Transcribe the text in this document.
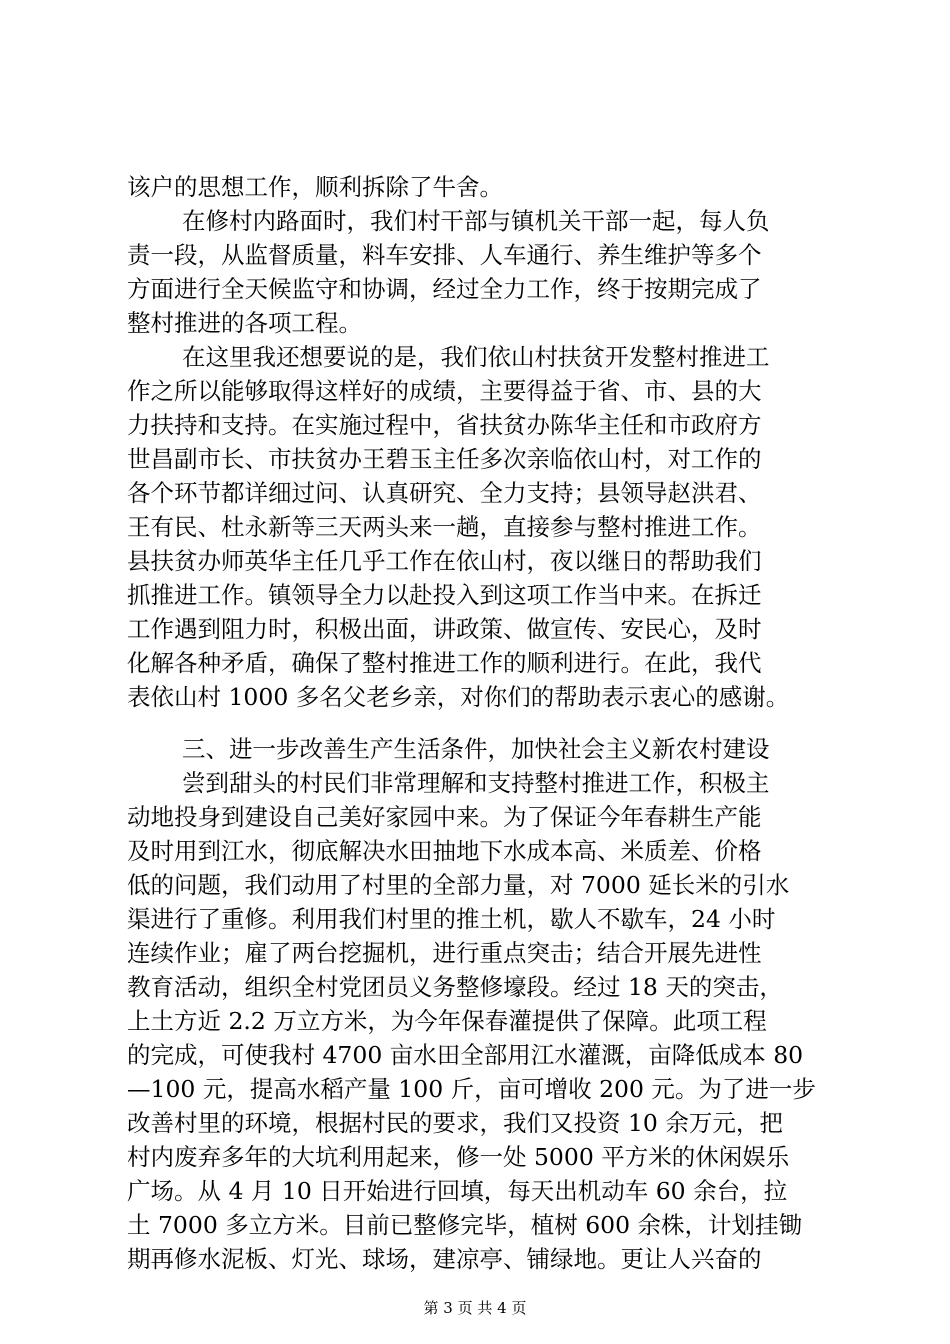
该户的思想工作，顺利拆除了牛舍。
在修村内路面时，我们村干部与镇机关干部一起，每人负
责一段，从监督质量，料车安排、人车通行、养生维护等多个
方面进行全天候监守和协调，经过全力工作，终于按期完成了
整村推进的各项工程。
在这里我还想要说的是，我们依山村扶贫开发整村推进工
作之所以能够取得这样好的成绩，主要得益于省、市、县的大
力扶持和支持。在实施过程中，省扶贫办陈华主任和市政府方
世昌副市长、市扶贫办王碧玉主任多次亲临依山村，对工作的
各个环节都详细过问、认真研究、全力支持；县领导赵洪君、
王有民、杜永新等三天两头来一趟，直接参与整村推进工作。
县扶贫办师英华主任几乎工作在依山村，夜以继日的帮助我们
抓推进工作。镇领导全力以赴投入到这项工作当中来。在拆迁
工作遇到阻力时，积极出面，讲政策、做宣传、安民心，及时
化解各种矛盾，确保了整村推进工作的顺利进行。在此，我代
表依山村 1000 多名父老乡亲，对你们的帮助表示衷心的感谢。
三、进一步改善生产生活条件，加快社会主义新农村建设
尝到甜头的村民们非常理解和支持整村推进工作，积极主
动地投身到建设自己美好家园中来。为了保证今年春耕生产能
及时用到江水，彻底解决水田抽地下水成本高、米质差、价格
低的问题，我们动用了村里的全部力量，对 7000 延长米的引水
渠进行了重修。利用我们村里的推土机，歇人不歇车，24 小时
连续作业；雇了两台挖掘机，进行重点突击；结合开展先进性
教育活动，组织全村党团员义务整修壕段。经过 18 天的突击，
上土方近 2.2 万立方米，为今年保春灌提供了保障。此项工程
的完成，可使我村 4700 亩水田全部用江水灌溉，亩降低成本 80
—100 元，提高水稻产量 100 斤，亩可增收 200 元。为了进一步
改善村里的环境，根据村民的要求，我们又投资 10 余万元，把
村内废弃多年的大坑利用起来，修一处 5000 平方米的休闲娱乐
广场。从 4 月 10 日开始进行回填，每天出机动车 60 余台，拉
土 7000 多立方米。目前已整修完毕，植树 600 余株，计划挂锄
期再修水泥板、灯光、球场，建凉亭、铺绿地。更让人兴奋的
第 3 页 共 4 页
